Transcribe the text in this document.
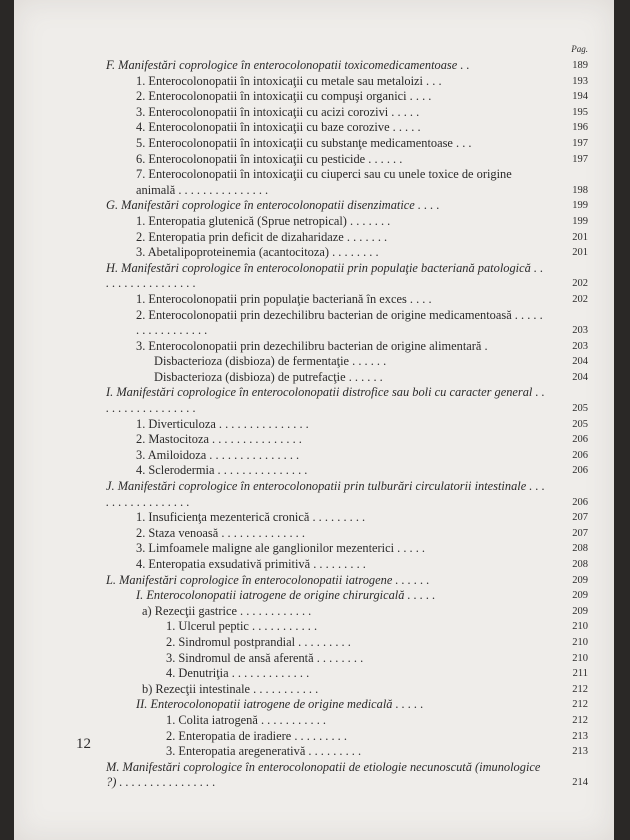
Pag.
F. Manifestări coprologice în enterocolonopatii toxicomedicamentoase . .	189
1. Enterocolonopatii în intoxicaţii cu metale sau metaloizi . . .	193
2. Enterocolonopatii în intoxicaţii cu compuşi organici . . . .	194
3. Enterocolonopatii în intoxicaţii cu acizi corozivi . . . . .	195
4. Enterocolonopatii în intoxicaţii cu baze corozive . . . . .	196
5. Enterocolonopatii în intoxicaţii cu substanţe medicamentoase . . .	197
6. Enterocolonopatii în intoxicaţii cu pesticide . . . . . .	197
7. Enterocolonopatii în intoxicaţii cu ciuperci sau cu unele toxice de origine animală . . . . . . . . . . . . . . .	198
G. Manifestări coprologice în enterocolonopatii disenzimatice . . . .	199
1. Enteropatia glutenică (Sprue netropical) . . . . . . .	199
2. Enteropatia prin deficit de dizaharidaze . . . . . . .	201
3. Abetalipoproteinemia (acantocitoza) . . . . . . . .	201
H. Manifestări coprologice în enterocolonopatii prin populaţie bacteriană patologică . . . . . . . . . . . . . . . . .	202
1. Enterocolonopatii prin populaţie bacteriană în exces . . . .	202
2. Enterocolonopatii prin dezechilibru bacterian de origine medicamentoasă . . . . . . . . . . . . . . . . .	203
3. Enterocolonopatii prin dezechilibru bacterian de origine alimentară .	203
Disbacterioza (disbioza) de fermentaţie . . . . . .	204
Disbacterioza (disbioza) de putrefacţie . . . . . .	204
I. Manifestări coprologice în enterocolonopatii distrofice sau boli cu caracter general . . . . . . . . . . . . . . . . .	205
1. Diverticuloza . . . . . . . . . . . . . . .	205
2. Mastocitoza . . . . . . . . . . . . . . .	206
3. Amiloidoza . . . . . . . . . . . . . . .	206
4. Sclerodermia . . . . . . . . . . . . . . .	206
J. Manifestări coprologice în enterocolonopatii prin tulburări circulatorii intestinale . . . . . . . . . . . . . . . . .	206
1. Insuficienţa mezenterică cronică . . . . . . . . .	207
2. Staza venoasă . . . . . . . . . . . . . .	207
3. Limfoamele maligne ale ganglionilor mezenterici . . . . .	208
4. Enteropatia exsudativă primitivă . . . . . . . . .	208
L. Manifestări coprologice în enterocolonopatii iatrogene . . . . . .	209
I. Enterocolonopatii iatrogene de origine chirurgicală . . . . .	209
a) Rezecţii gastrice . . . . . . . . . . . .	209
1. Ulcerul peptic . . . . . . . . . . .	210
2. Sindromul postprandial . . . . . . . . .	210
3. Sindromul de ansă aferentă . . . . . . . .	210
4. Denutriţia . . . . . . . . . . . . .	211
b) Rezecţii intestinale . . . . . . . . . . .	212
II. Enterocolonopatii iatrogene de origine medicală . . . . .	212
1. Colita iatrogenă . . . . . . . . . . .	212
2. Enteropatia de iradiere . . . . . . . . .	213
3. Enteropatia aregenerativă . . . . . . . . .	213
M. Manifestări coprologice în enterocolonopatii de etiologie necunoscută (imunologice ?) . . . . . . . . . . . . . . . .	214
12
